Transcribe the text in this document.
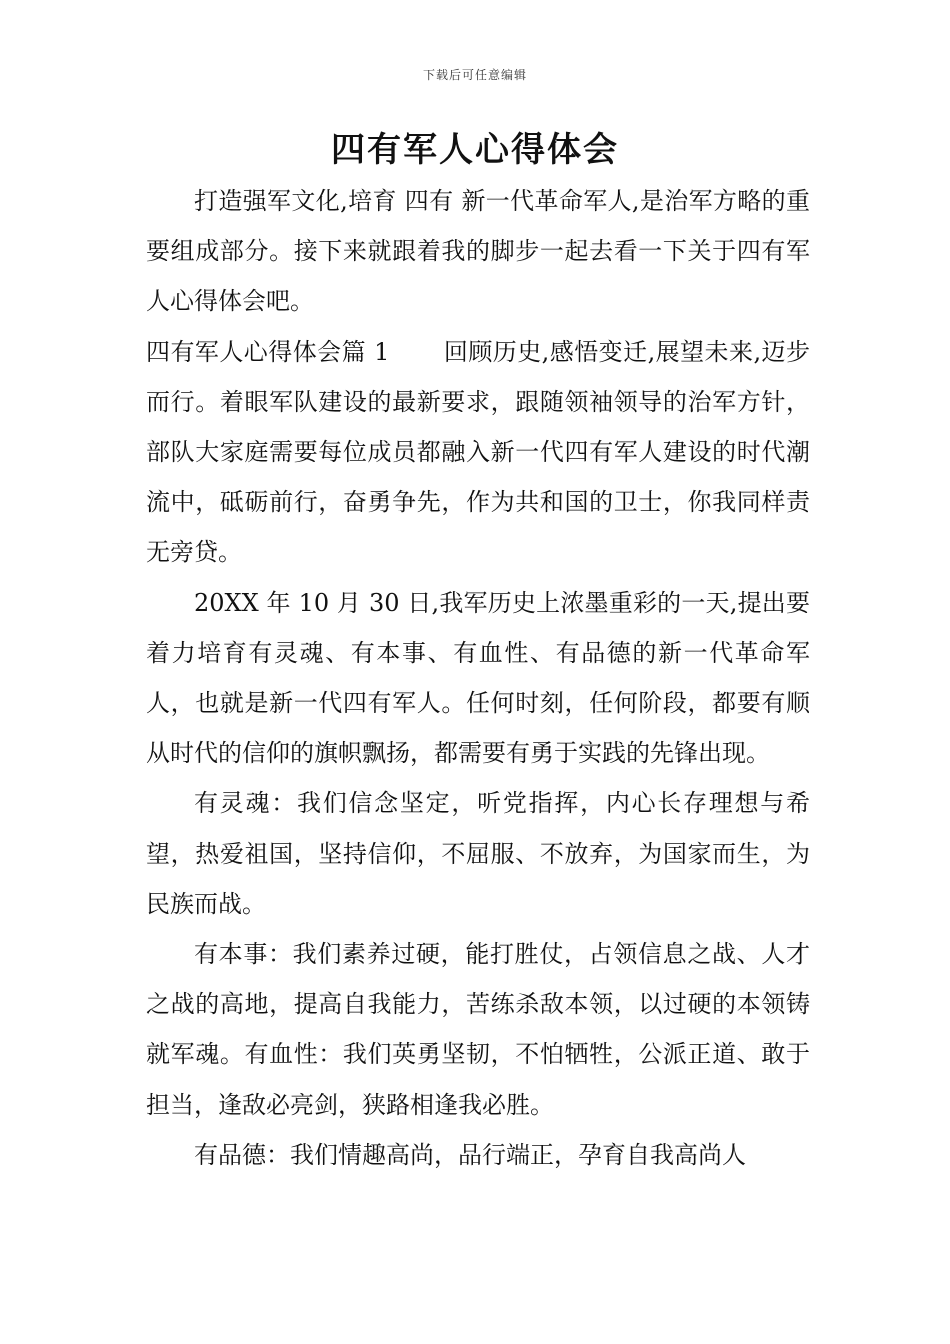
下载后可任意编辑
四有军人心得体会

打造强军文化,培育 四有 新一代革命军人,是治军方略的重要组成部分。接下来就跟着我的脚步一起去看一下关于四有军人心得体会吧。

四有军人心得体会篇 1 回顾历史,感悟变迁,展望未来,迈步而行。着眼军队建设的最新要求，跟随领袖领导的治军方针，部队大家庭需要每位成员都融入新一代四有军人建设的时代潮流中，砥砺前行，奋勇争先，作为共和国的卫士，你我同样责无旁贷。

20XX 年 10 月 30 日,我军历史上浓墨重彩的一天,提出要着力培育有灵魂、有本事、有血性、有品德的新一代革命军人，也就是新一代四有军人。任何时刻，任何阶段，都要有顺从时代的信仰的旗帜飘扬，都需要有勇于实践的先锋出现。

有灵魂：我们信念坚定，听党指挥，内心长存理想与希望，热爱祖国，坚持信仰，不屈服、不放弃，为国家而生，为民族而战。

有本事：我们素养过硬，能打胜仗，占领信息之战、人才之战的高地，提高自我能力，苦练杀敌本领，以过硬的本领铸就军魂。有血性：我们英勇坚韧，不怕牺牲，公派正道、敢于担当，逢敌必亮剑，狭路相逢我必胜。

有品德：我们情趣高尚，品行端正，孕育自我高尚人
